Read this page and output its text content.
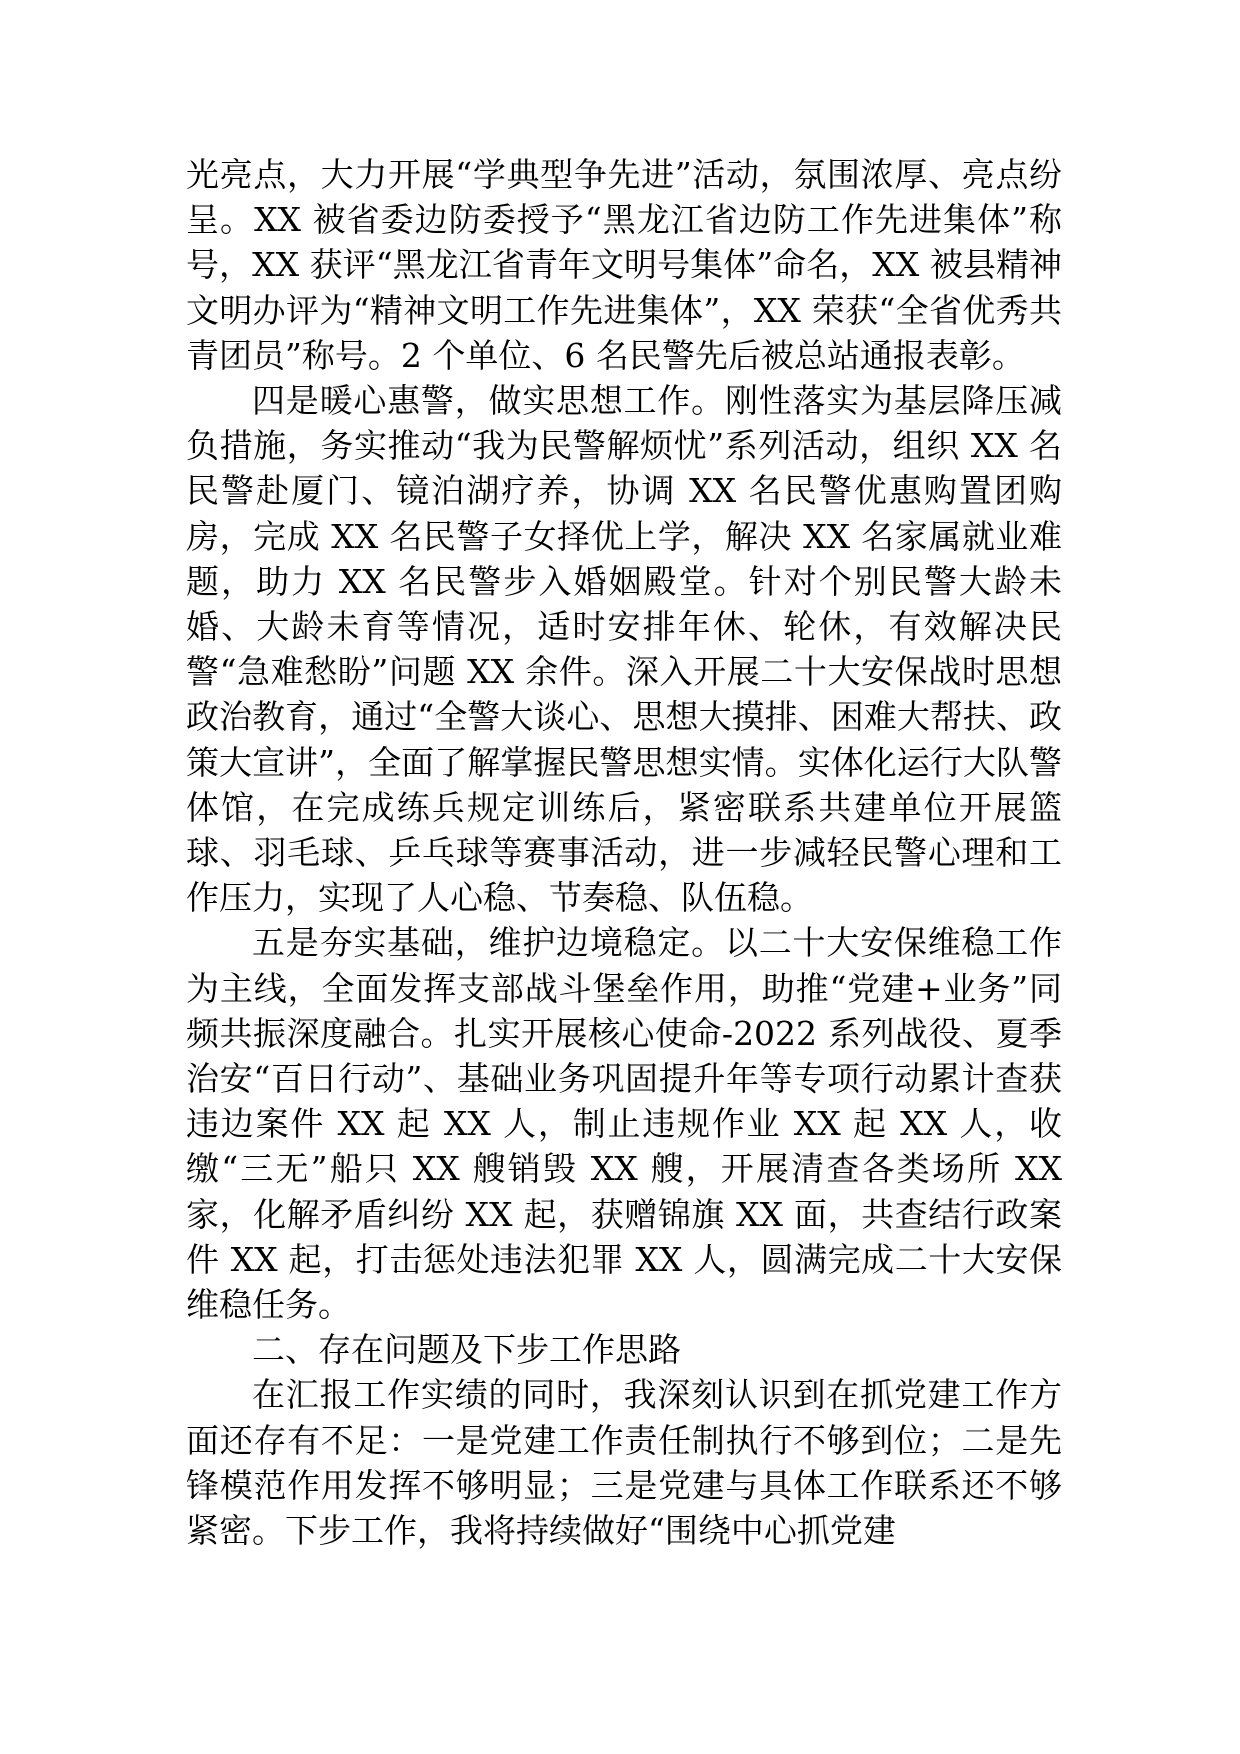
光亮点，大力开展“学典型争先进”活动，氛围浓厚、亮点纷呈。XX 被省委边防委授予“黑龙江省边防工作先进集体”称号，XX 获评“黑龙江省青年文明号集体”命名，XX 被县精神文明办评为“精神文明工作先进集体”，XX 荣获“全省优秀共青团员”称号。2 个单位、6 名民警先后被总站通报表彰。

四是暖心惠警，做实思想工作。刚性落实为基层降压减负措施，务实推动“我为民警解烦忧”系列活动，组织 XX 名民警赴厦门、镜泊湖疗养，协调 XX 名民警优惠购置团购房，完成 XX 名民警子女择优上学，解决 XX 名家属就业难题，助力 XX 名民警步入婚姻殿堂。针对个别民警大龄未婚、大龄未育等情况，适时安排年休、轮休，有效解决民警“急难愁盼”问题 XX 余件。深入开展二十大安保战时思想政治教育，通过“全警大谈心、思想大摸排、困难大帮扶、政策大宣讲”，全面了解掌握民警思想实情。实体化运行大队警体馆，在完成练兵规定训练后，紧密联系共建单位开展篮球、羽毛球、乒乓球等赛事活动，进一步减轻民警心理和工作压力，实现了人心稳、节奏稳、队伍稳。

五是夯实基础，维护边境稳定。以二十大安保维稳工作为主线，全面发挥支部战斗堡垒作用，助推“党建+业务”同频共振深度融合。扎实开展核心使命-2022 系列战役、夏季治安“百日行动”、基础业务巩固提升年等专项行动累计查获违边案件 XX 起 XX 人，制止违规作业 XX 起 XX 人，收缴“三无”船只 XX 艘销毁 XX 艘，开展清查各类场所 XX 家，化解矛盾纠纷 XX 起，获赠锦旗 XX 面，共查结行政案件 XX 起，打击惩处违法犯罪 XX 人，圆满完成二十大安保维稳任务。

二、存在问题及下步工作思路

在汇报工作实绩的同时，我深刻认识到在抓党建工作方面还存有不足：一是党建工作责任制执行不够到位；二是先锋模范作用发挥不够明显；三是党建与具体工作联系还不够紧密。下步工作，我将持续做好“围绕中心抓党建
